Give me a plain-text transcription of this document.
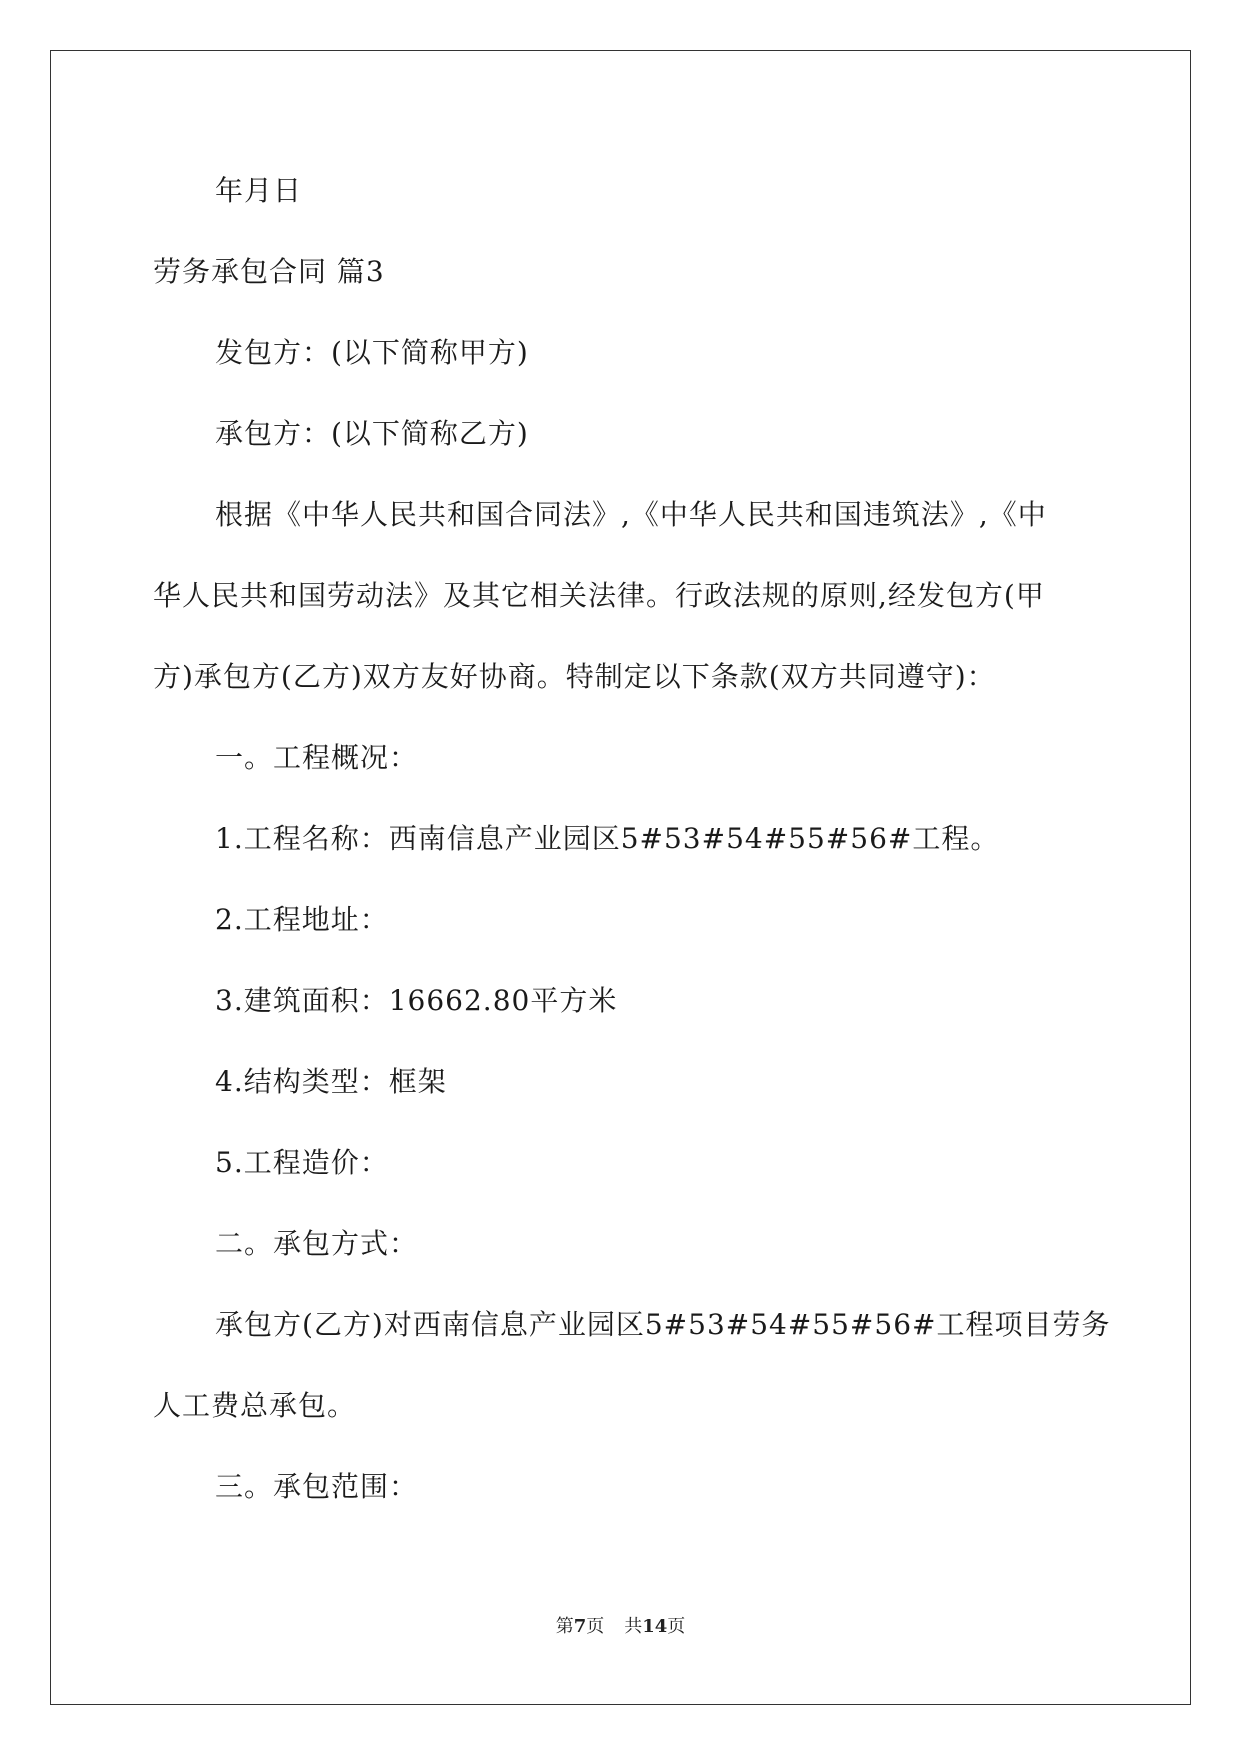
年月日
劳务承包合同 篇3
发包方：(以下简称甲方)
承包方：(以下简称乙方)
根据《中华人民共和国合同法》,《中华人民共和国违筑法》,《中
华人民共和国劳动法》及其它相关法律。行政法规的原则,经发包方(甲
方)承包方(乙方)双方友好协商。特制定以下条款(双方共同遵守)：
一。工程概况：
1.工程名称：西南信息产业园区5#53#54#55#56#工程。
2.工程地址：
3.建筑面积：16662.80平方米
4.结构类型：框架
5.工程造价：
二。承包方式：
承包方(乙方)对西南信息产业园区5#53#54#55#56#工程项目劳务
人工费总承包。
三。承包范围：
第7页 共14页
